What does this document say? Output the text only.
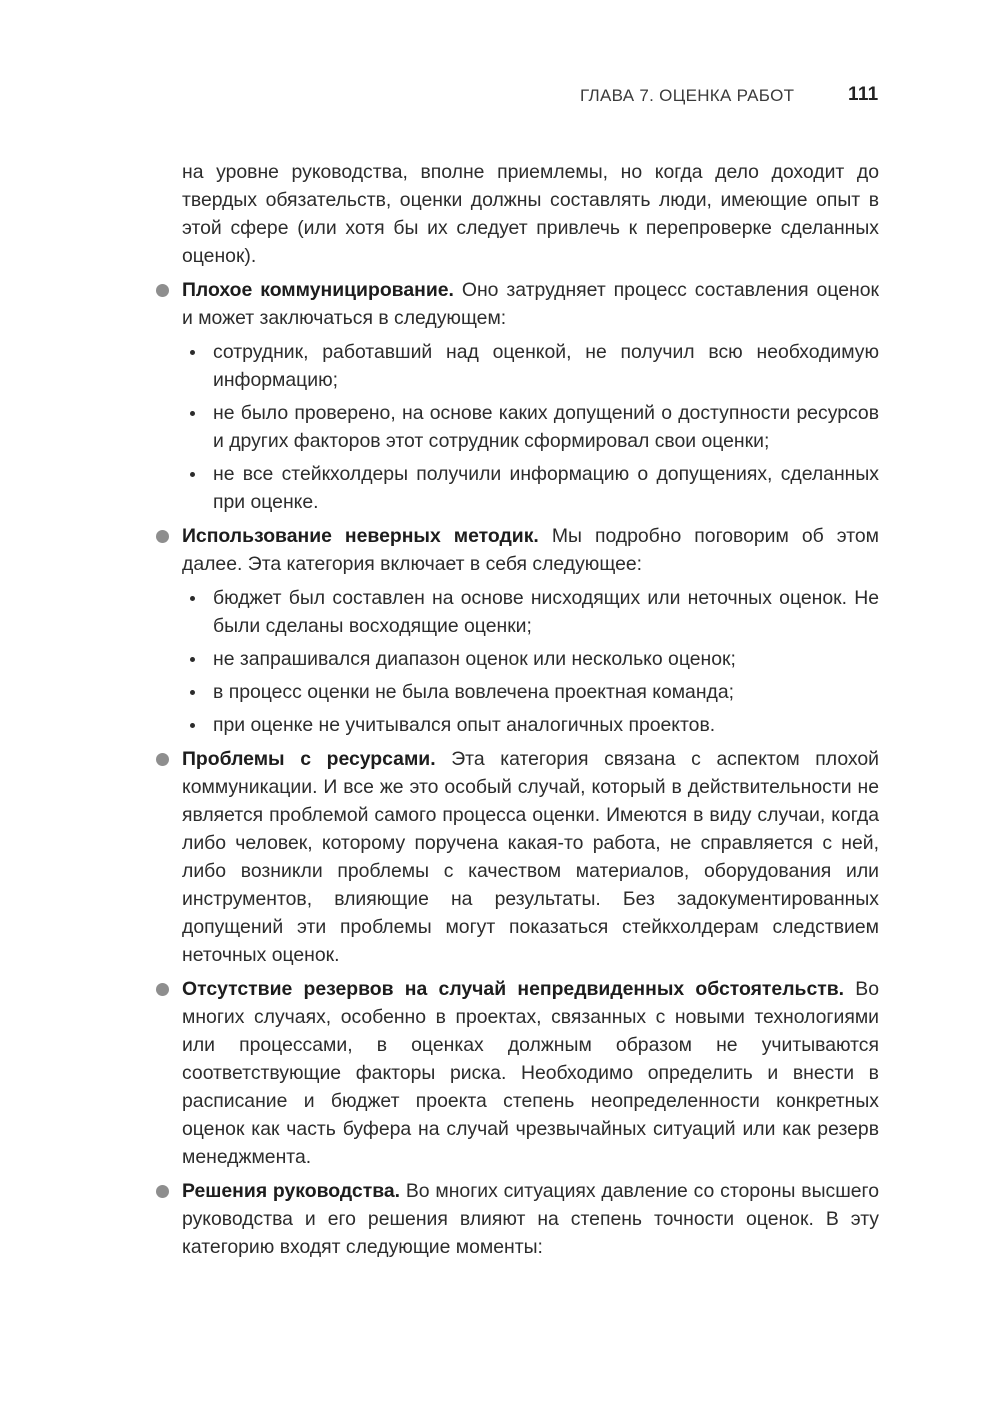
ГЛАВА 7. ОЦЕНКА РАБОТ	111

на уровне руководства, вполне приемлемы, но когда дело доходит до твердых обязательств, оценки должны составлять люди, имеющие опыт в этой сфере (или хотя бы их следует привлечь к перепроверке сделанных оценок).

Плохое коммуницирование. Оно затрудняет процесс составления оценок и может заключаться в следующем:

сотрудник, работавший над оценкой, не получил всю необходимую информацию;
не было проверено, на основе каких допущений о доступности ресурсов и других факторов этот сотрудник сформировал свои оценки;
не все стейкхолдеры получили информацию о допущениях, сделанных при оценке.

Использование неверных методик. Мы подробно поговорим об этом далее. Эта категория включает в себя следующее:

бюджет был составлен на основе нисходящих или неточных оценок. Не были сделаны восходящие оценки;
не запрашивался диапазон оценок или несколько оценок;
в процесс оценки не была вовлечена проектная команда;
при оценке не учитывался опыт аналогичных проектов.

Проблемы с ресурсами. Эта категория связана с аспектом плохой коммуникации. И все же это особый случай, который в действительности не является проблемой самого процесса оценки. Имеются в виду случаи, когда либо человек, которому поручена какая-то работа, не справляется с ней, либо возникли проблемы с качеством материалов, оборудования или инструментов, влияющие на результаты. Без задокументированных допущений эти проблемы могут показаться стейкхолдерам следствием неточных оценок.

Отсутствие резервов на случай непредвиденных обстоятельств. Во многих случаях, особенно в проектах, связанных с новыми технологиями или процессами, в оценках должным образом не учитываются соответствующие факторы риска. Необходимо определить и внести в расписание и бюджет проекта степень неопределенности конкретных оценок как часть буфера на случай чрезвычайных ситуаций или как резерв менеджмента.

Решения руководства. Во многих ситуациях давление со стороны высшего руководства и его решения влияют на степень точности оценок. В эту категорию входят следующие моменты:
